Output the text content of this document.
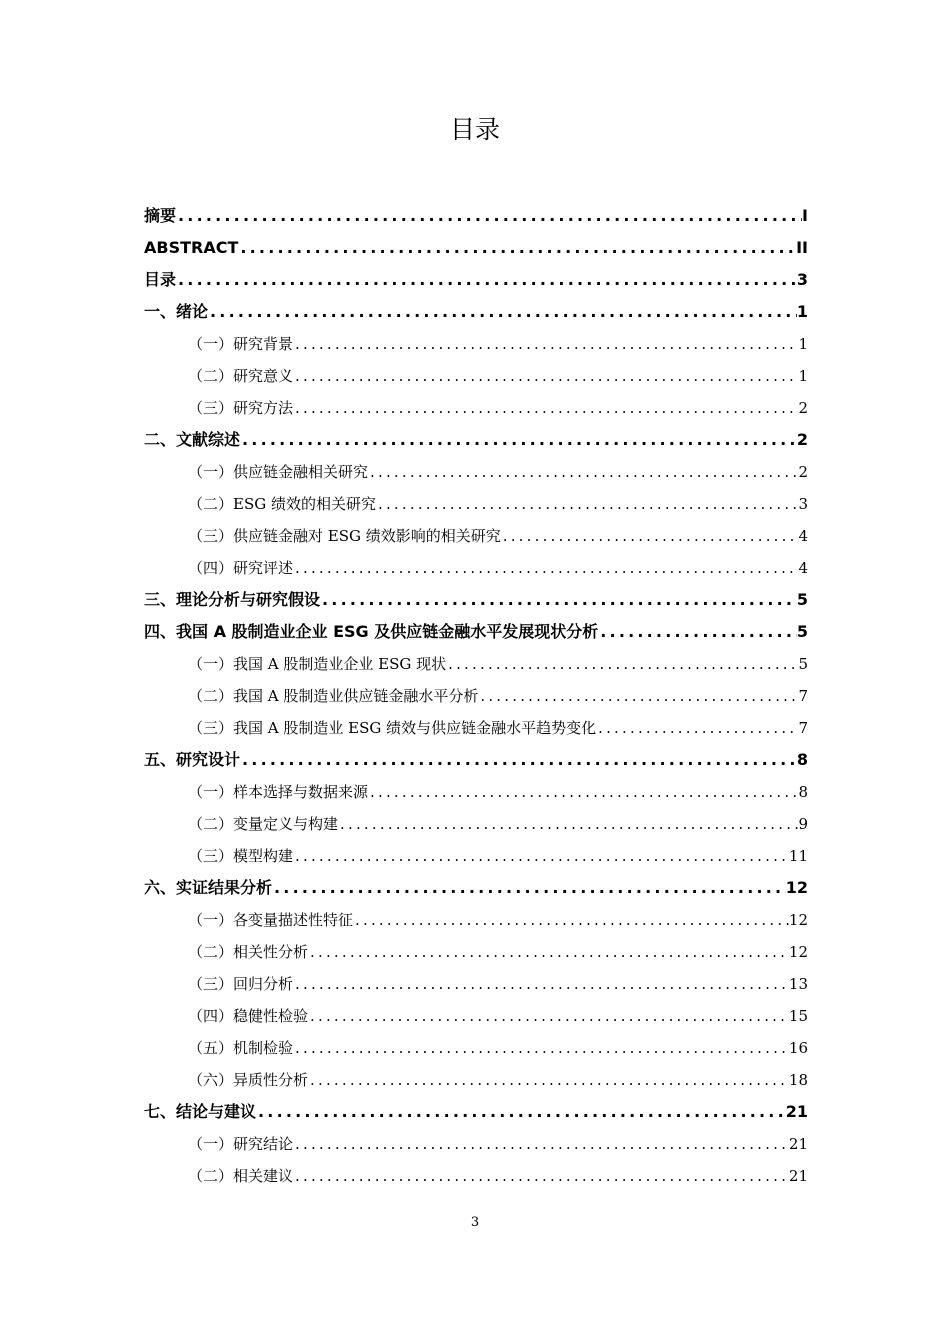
目录
摘要 .....	I
ABSTRACT .....	II
目录 .....	3
一、绪论 .....	1
（一）研究背景 .....	1
（二）研究意义 .....	1
（三）研究方法 .....	2
二、文献综述 .....	2
（一）供应链金融相关研究 .....	2
（二）ESG 绩效的相关研究 .....	3
（三）供应链金融对 ESG 绩效影响的相关研究 .....	4
（四）研究评述 .....	4
三、理论分析与研究假设 .....	5
四、我国 A 股制造业企业 ESG 及供应链金融水平发展现状分析 .....	5
（一）我国 A 股制造业企业 ESG 现状 .....	5
（二）我国 A 股制造业供应链金融水平分析 .....	7
（三）我国 A 股制造业 ESG 绩效与供应链金融水平趋势变化 .....	7
五、研究设计 .....	8
（一）样本选择与数据来源 .....	8
（二）变量定义与构建 .....	9
（三）模型构建 .....	11
六、实证结果分析 .....	12
（一）各变量描述性特征 .....	12
（二）相关性分析 .....	12
（三）回归分析 .....	13
（四）稳健性检验 .....	15
（五）机制检验 .....	16
（六）异质性分析 .....	18
七、结论与建议 .....	21
（一）研究结论 .....	21
（二）相关建议 .....	21
3
